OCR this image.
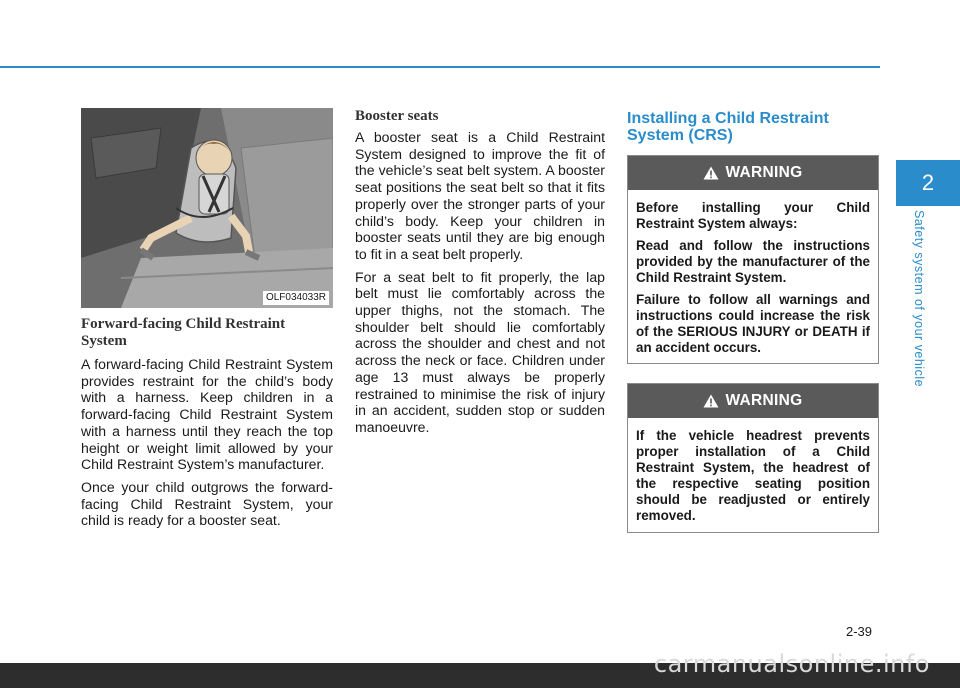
OLF034033R
Forward-facing Child Restraint System

A forward-facing Child Restraint System provides restraint for the child’s body with a harness. Keep children in a forward-facing Child Restraint System with a harness until they reach the top height or weight limit allowed by your Child Restraint System’s manufacturer.

Once your child outgrows the forward-facing Child Restraint System, your child is ready for a booster seat.

Booster seats

A booster seat is a Child Restraint System designed to improve the fit of the vehicle’s seat belt system. A booster seat positions the seat belt so that it fits properly over the stronger parts of your child’s body. Keep your children in booster seats until they are big enough to fit in a seat belt properly.

For a seat belt to fit properly, the lap belt must lie comfortably across the upper thighs, not the stomach. The shoulder belt should lie comfortably across the shoulder and chest and not across the neck or face. Children under age 13 must always be properly restrained to minimise the risk of injury in an accident, sudden stop or sudden manoeuvre.

Installing a Child Restraint System (CRS)
WARNING

Before installing your Child Restraint System always:

Read and follow the instructions provided by the manufacturer of the Child Restraint System.

Failure to follow all warnings and instructions could increase the risk of the SERIOUS INJURY or DEATH if an accident occurs.

WARNING

If the vehicle headrest prevents proper installation of a Child Restraint System, the headrest of the respective seating position should be readjusted or entirely removed.

2
Safety system of your vehicle
2-39
carmanualsonline.info
